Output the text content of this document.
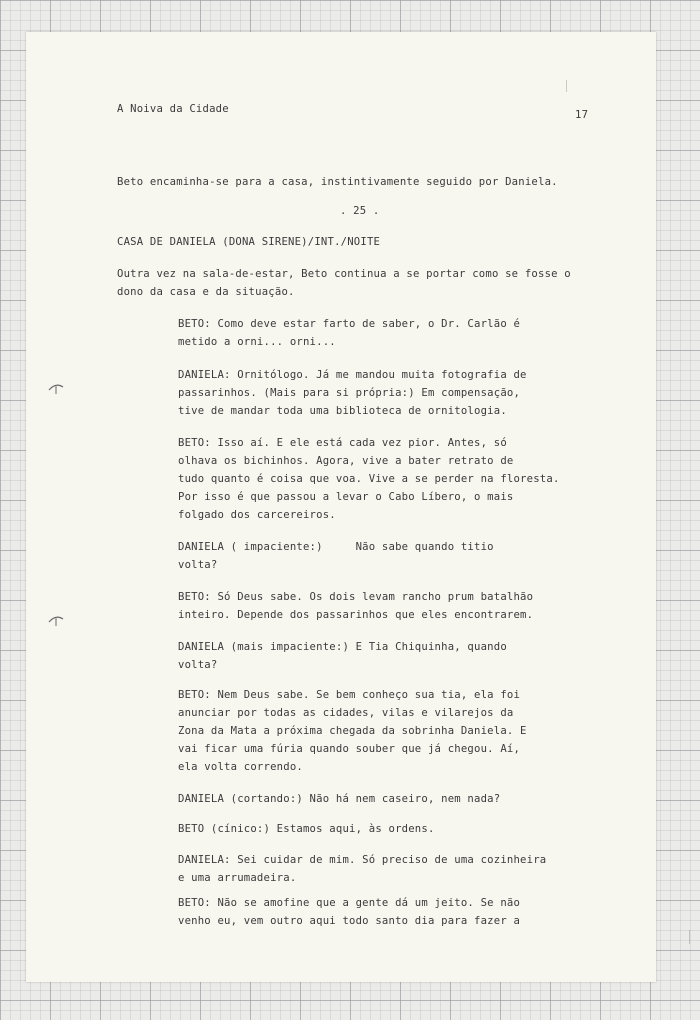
A Noiva da Cidade	17

Beto encaminha-se para a casa, instintivamente seguido por Daniela.

. 25 .

CASA DE DANIELA (DONA SIRENE)/INT./NOITE

Outra vez na sala-de-estar, Beto continua a se portar como se fosse o

dono da casa e da situação.

BETO: Como deve estar farto de saber, o Dr. Carlão é

metido a orni... orni...

DANIELA: Ornitólogo. Já me mandou muita fotografia de

passarinhos. (Mais para si própria:) Em compensação,

tive de mandar toda uma biblioteca de ornitologia.

BETO: Isso aí. E ele está cada vez pior. Antes, só

olhava os bichinhos. Agora, vive a bater retrato de

tudo quanto é coisa que voa. Vive a se perder na floresta.

Por isso é que passou a levar o Cabo Líbero, o mais

folgado dos carcereiros.

DANIELA ( impaciente:)     Não sabe quando titio

volta?

BETO: Só Deus sabe. Os dois levam rancho prum batalhão

inteiro. Depende dos passarinhos que eles encontrarem.

DANIELA (mais impaciente:) E Tia Chiquinha, quando

volta?

BETO: Nem Deus sabe. Se bem conheço sua tia, ela foi

anunciar por todas as cidades, vilas e vilarejos da

Zona da Mata a próxima chegada da sobrinha Daniela. E

vai ficar uma fúria quando souber que já chegou. Aí,

ela volta correndo.

DANIELA (cortando:) Não há nem caseiro, nem nada?

BETO (cínico:) Estamos aqui, às ordens.

DANIELA: Sei cuidar de mim. Só preciso de uma cozinheira

e uma arrumadeira.

BETO: Não se amofine que a gente dá um jeito. Se não

venho eu, vem outro aqui todo santo dia para fazer a
